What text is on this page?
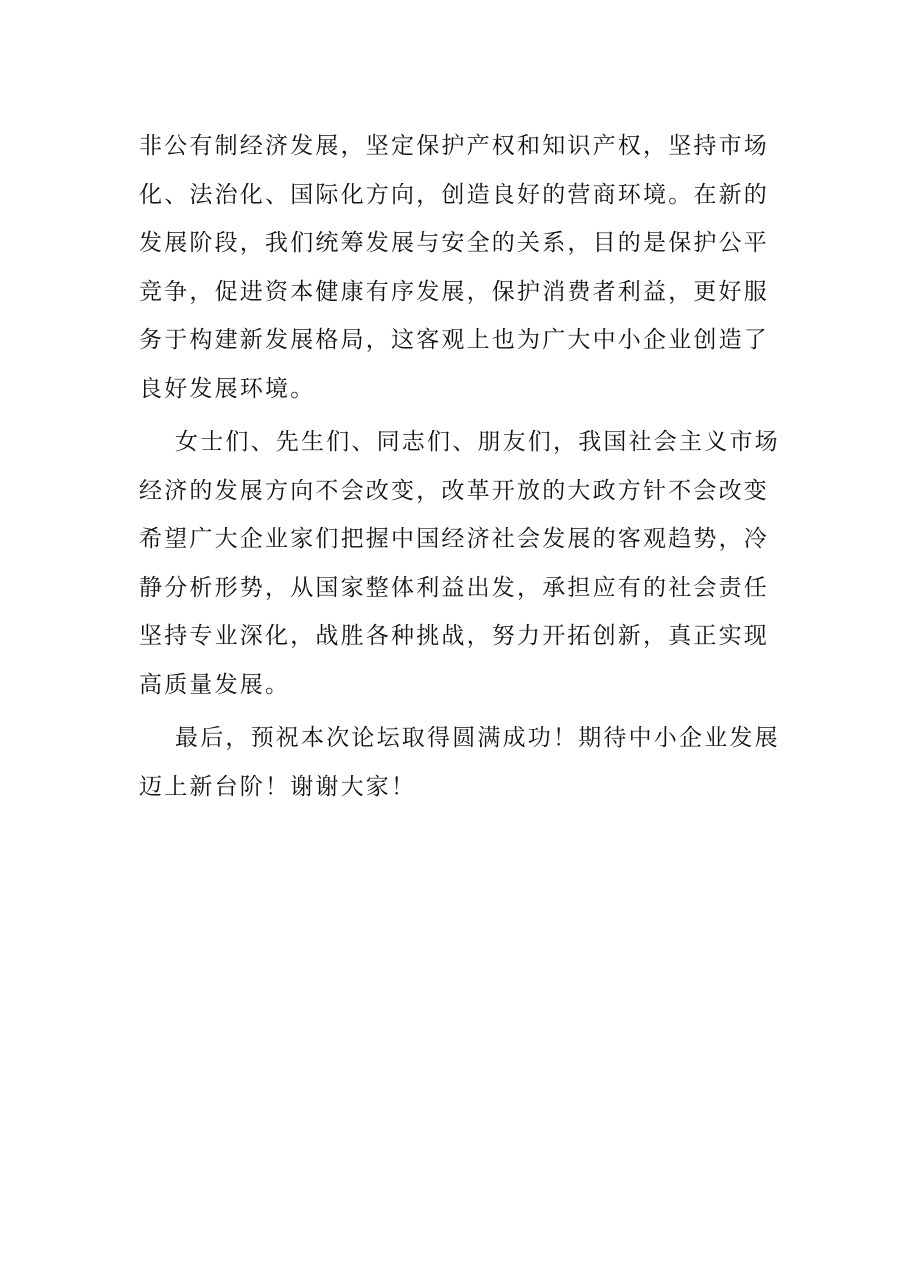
非公有制经济发展，坚定保护产权和知识产权，坚持市场
化、法治化、国际化方向，创造良好的营商环境。在新的
发展阶段，我们统筹发展与安全的关系，目的是保护公平
竞争，促进资本健康有序发展，保护消费者利益，更好服
务于构建新发展格局，这客观上也为广大中小企业创造了
良好发展环境。
女士们、先生们、同志们、朋友们，我国社会主义市场
经济的发展方向不会改变，改革开放的大政方针不会改变
希望广大企业家们把握中国经济社会发展的客观趋势，冷
静分析形势，从国家整体利益出发，承担应有的社会责任
坚持专业深化，战胜各种挑战，努力开拓创新，真正实现
高质量发展。
最后，预祝本次论坛取得圆满成功！期待中小企业发展
迈上新台阶！谢谢大家！
